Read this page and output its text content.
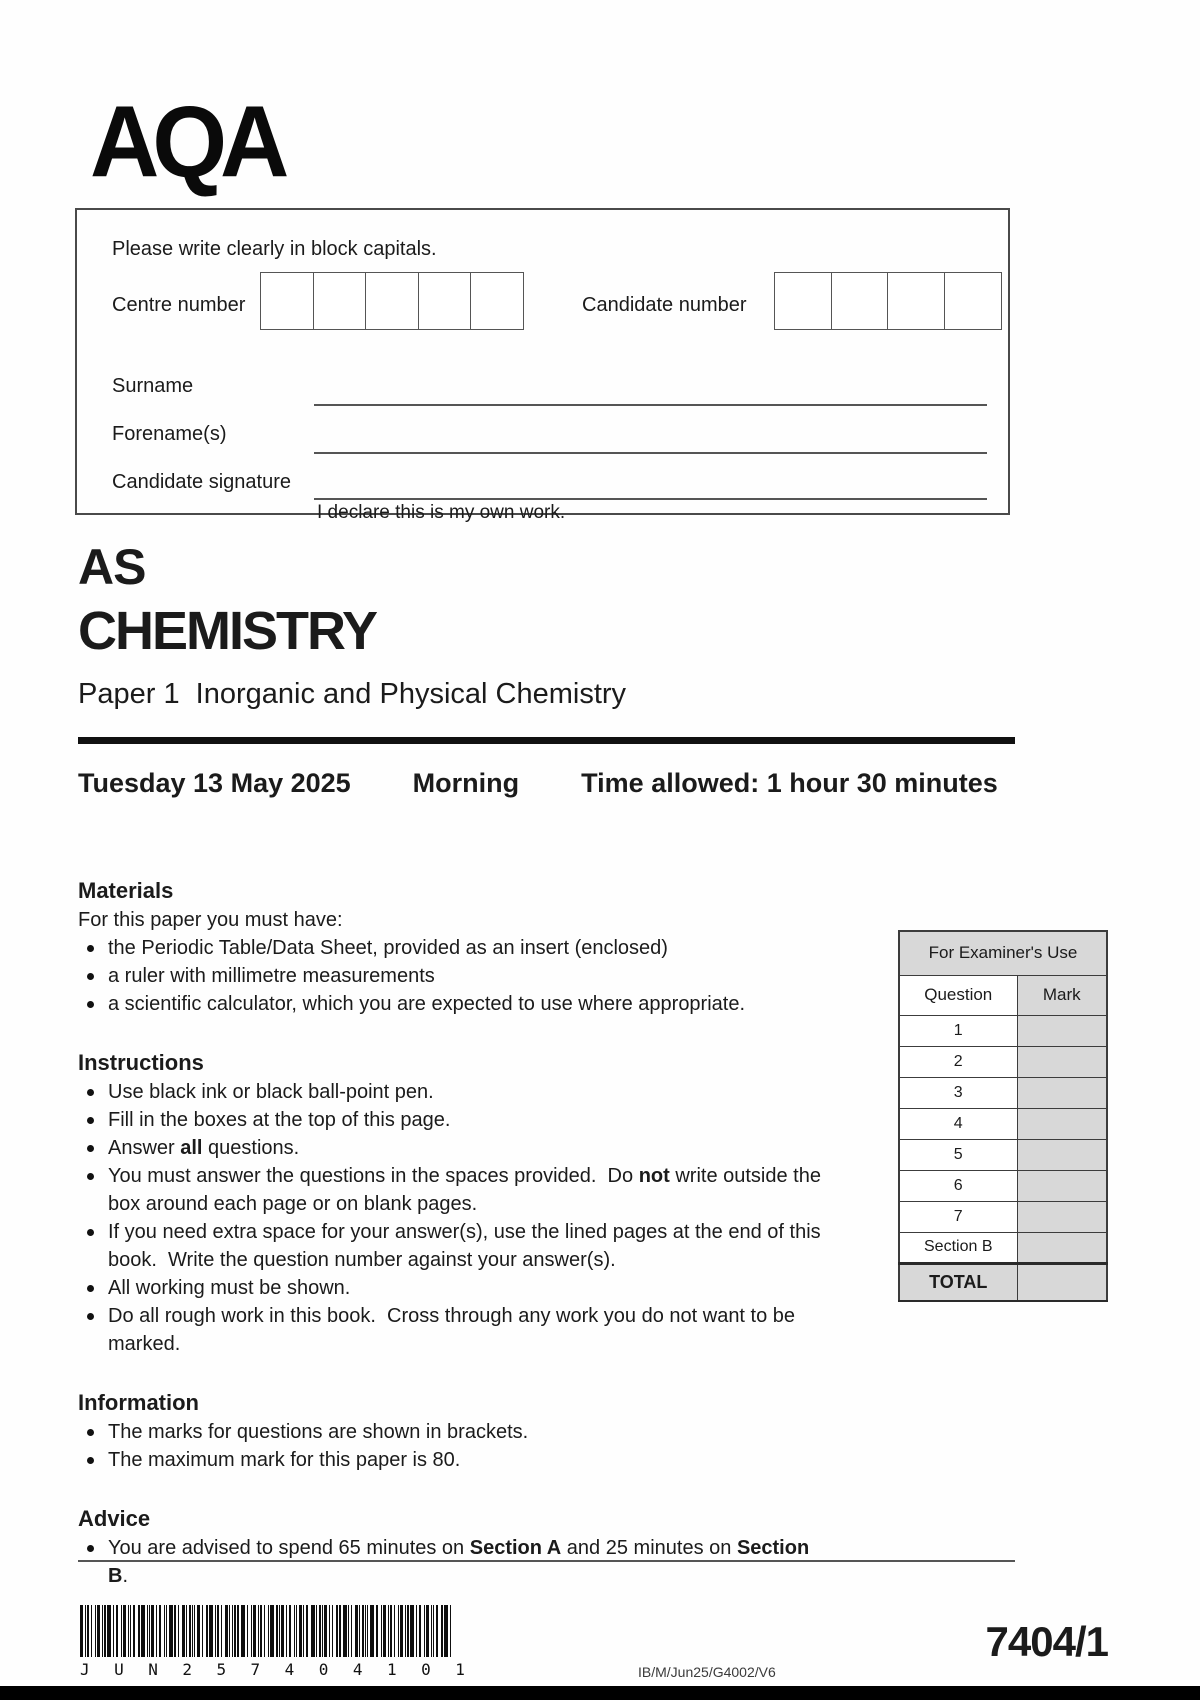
AQA

Please write clearly in block capitals.

Centre number	Candidate number
Surname
Forename(s)
Candidate signature
I declare this is my own work.
AS
CHEMISTRY
Paper 1  Inorganic and Physical Chemistry
Tuesday 13 May 2025 Morning Time allowed: 1 hour 30 minutes
Materials

For this paper you must have:

the Periodic Table/Data Sheet, provided as an insert (enclosed)
a ruler with millimetre measurements
a scientific calculator, which you are expected to use where appropriate.
Instructions
Use black ink or black ball-point pen.
Fill in the boxes at the top of this page.
Answer all questions.
You must answer the questions in the spaces provided.  Do not write outside the box around each page or on blank pages.
If you need extra space for your answer(s), use the lined pages at the end of this book.  Write the question number against your answer(s).
All working must be shown.
Do all rough work in this book.  Cross through any work you do not want to be marked.
Information
The marks for questions are shown in brackets.
The maximum mark for this paper is 80.
Advice
You are advised to spend 65 minutes on Section A and 25 minutes on Section B.
For Examiner's Use	
Question	Mark
1	
2	
3	
4	
5	
6	
7	
Section B	
TOTAL	
J U N 2 5 7 4 0 4 1 0 1	IB/M/Jun25/G4002/V6
7404/1
